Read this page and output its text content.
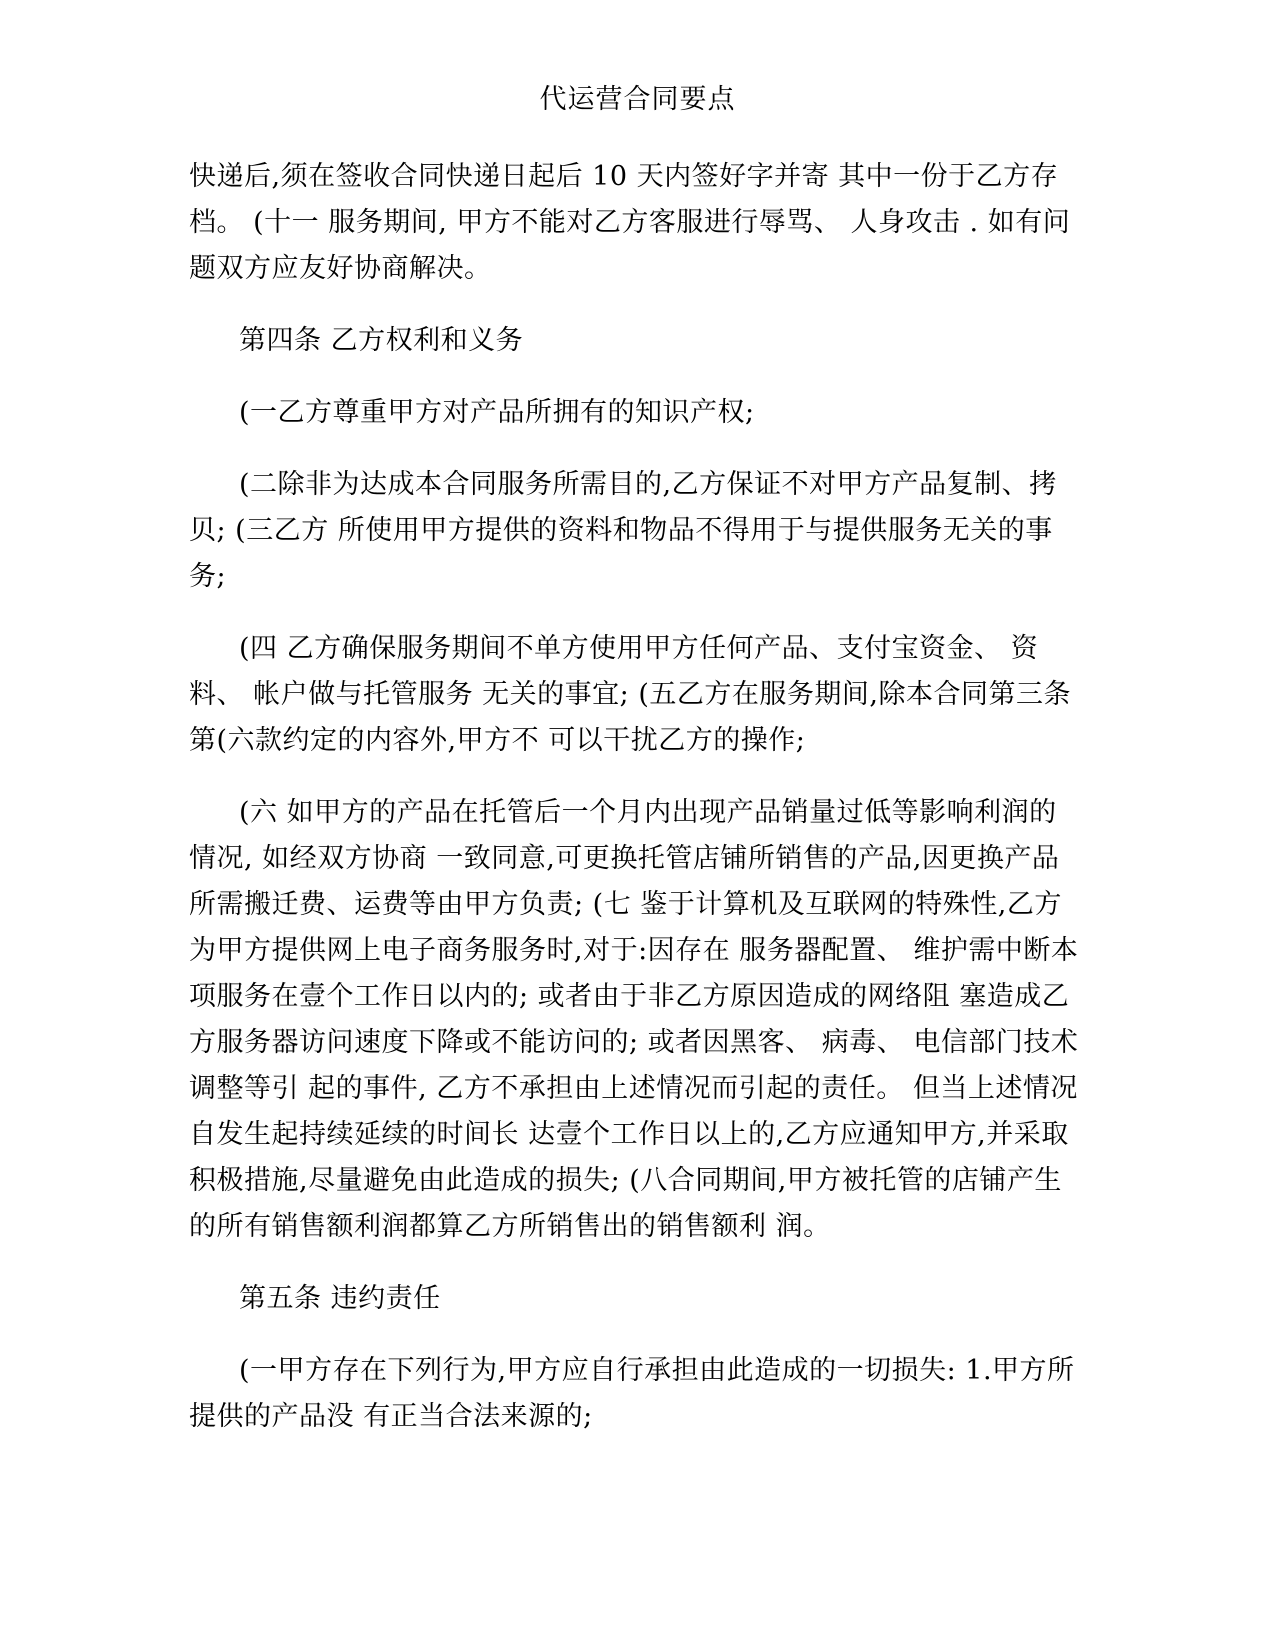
代运营合同要点

快递后,须在签收合同快递日起后 10 天内签好字并寄 其中一份于乙方存档。 (十一 服务期间, 甲方不能对乙方客服进行辱骂、 人身攻击 . 如有问题双方应友好协商解决。

第四条 乙方权利和义务

(一乙方尊重甲方对产品所拥有的知识产权;

(二除非为达成本合同服务所需目的,乙方保证不对甲方产品复制、拷贝; (三乙方 所使用甲方提供的资料和物品不得用于与提供服务无关的事务;

(四 乙方确保服务期间不单方使用甲方任何产品、支付宝资金、 资料、 帐户做与托管服务 无关的事宜; (五乙方在服务期间,除本合同第三条第(六款约定的内容外,甲方不 可以干扰乙方的操作;

(六 如甲方的产品在托管后一个月内出现产品销量过低等影响利润的情况, 如经双方协商 一致同意,可更换托管店铺所销售的产品,因更换产品所需搬迁费、运费等由甲方负责; (七 鉴于计算机及互联网的特殊性,乙方为甲方提供网上电子商务服务时,对于:因存在 服务器配置、 维护需中断本项服务在壹个工作日以内的; 或者由于非乙方原因造成的网络阻 塞造成乙方服务器访问速度下降或不能访问的; 或者因黑客、 病毒、 电信部门技术调整等引 起的事件, 乙方不承担由上述情况而引起的责任。 但当上述情况自发生起持续延续的时间长 达壹个工作日以上的,乙方应通知甲方,并采取积极措施,尽量避免由此造成的损失; (八合同期间,甲方被托管的店铺产生的所有销售额利润都算乙方所销售出的销售额利 润。

第五条 违约责任

(一甲方存在下列行为,甲方应自行承担由此造成的一切损失: 1.甲方所提供的产品没 有正当合法来源的;
